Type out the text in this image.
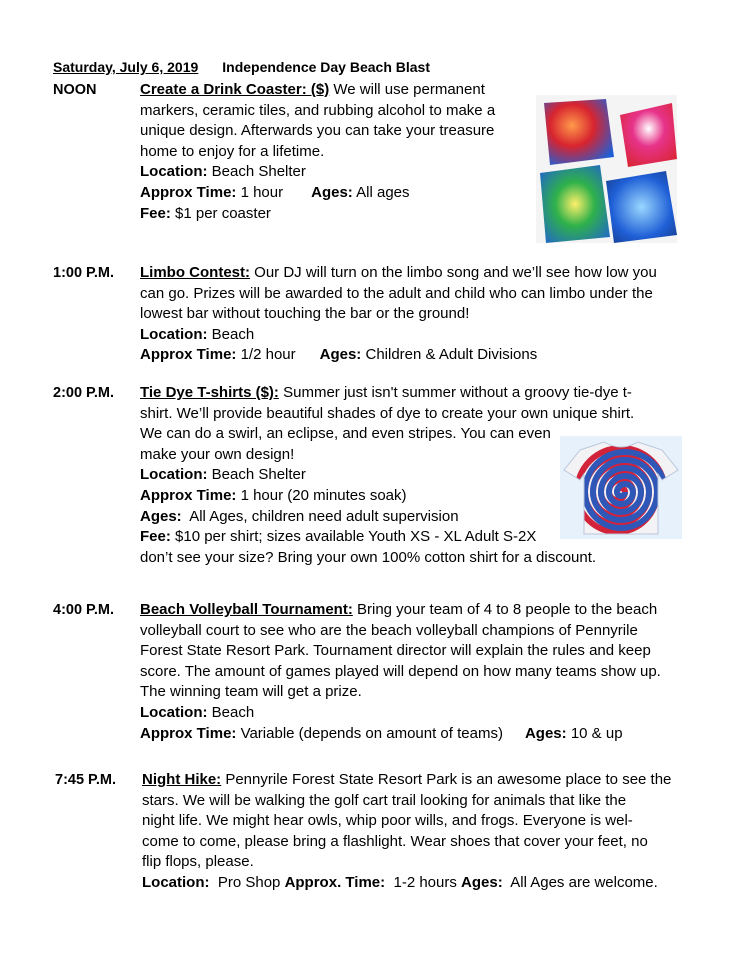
Saturday, July 6, 2019 Independence Day Beach Blast
NOON	Create a Drink Coaster: ($) We will use permanent
markers, ceramic tiles, and rubbing alcohol to make a
unique design. Afterwards you can take your treasure
home to enjoy for a lifetime.
Location: Beach Shelter
Approx Time: 1 hour Ages: All ages
Fee: $1 per coaster
1:00 P.M. Limbo Contest: Our DJ will turn on the limbo song and we’ll see how low you
can go. Prizes will be awarded to the adult and child who can limbo under the
lowest bar without touching the bar or the ground!
Location: Beach
Approx Time: 1/2 hour Ages: Children & Adult Divisions
2:00 P.M. Tie Dye T-shirts ($): Summer just isn't summer without a groovy tie-dye t-
shirt. We’ll provide beautiful shades of dye to create your own unique shirt.
We can do a swirl, an eclipse, and even stripes. You can even
make your own design!
Location: Beach Shelter
Approx Time: 1 hour (20 minutes soak)
Ages: All Ages, children need adult supervision
Fee: $10 per shirt; sizes available Youth XS - XL Adult S-2X
don’t see your size? Bring your own 100% cotton shirt for a discount.
4:00 P.M. Beach Volleyball Tournament: Bring your team of 4 to 8 people to the beach
volleyball court to see who are the beach volleyball champions of Pennyrile
Forest State Resort Park. Tournament director will explain the rules and keep
score. The amount of games played will depend on how many teams show up.
The winning team will get a prize.
Location: Beach
Approx Time: Variable (depends on amount of teams) Ages: 10 & up
7:45 P.M. Night Hike: Pennyrile Forest State Resort Park is an awesome place to see the
stars. We will be walking the golf cart trail looking for animals that like the
night life. We might hear owls, whip poor wills, and frogs. Everyone is wel-
come to come, please bring a flashlight. Wear shoes that cover your feet, no
flip flops, please.
Location: Pro Shop Approx. Time: 1-2 hours Ages: All Ages are welcome.
